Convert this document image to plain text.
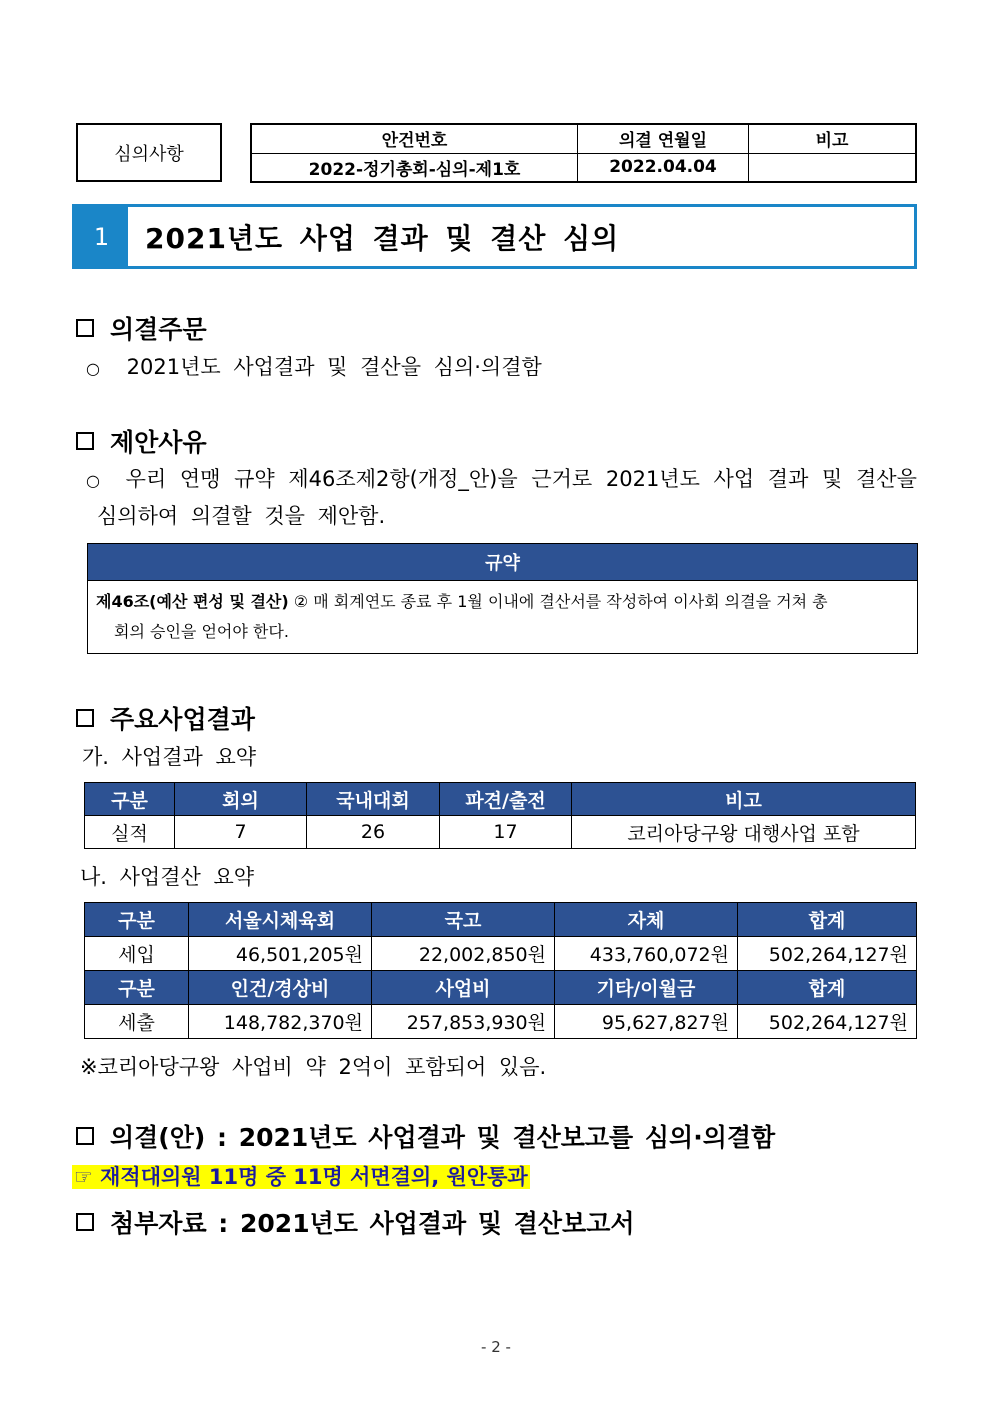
심의사항
안건번호	의결 연월일	비고
2022-정기총회-심의-제1호	2022.04.04	
1	2021년도 사업 결과 및 결산 심의
의결주문
○ 2021년도 사업결과 및 결산을 심의·의결함
제안사유
○ 우리 연맹 규약 제46조제2항(개정_안)을 근거로 2021년도 사업 결과 및 결산을
심의하여 의결할 것을 제안함.
규약

제46조(예산 편성 및 결산) ② 매 회계연도 종료 후 1월 이내에 결산서를 작성하여 이사회 의결을 거쳐 총
회의 승인을 얻어야 한다.
주요사업결과
가. 사업결과 요약
구분	회의	국내대회	파견/출전	비고
실적	7	26	17	코리아당구왕 대행사업 포함
나. 사업결산 요약
구분	서울시체육회	국고	자체	합계
세입	46,501,205원	22,002,850원	433,760,072원	502,264,127원
구분	인건/경상비	사업비	기타/이월금	합계
세출	148,782,370원	257,853,930원	95,627,827원	502,264,127원
※코리아당구왕 사업비 약 2억이 포함되어 있음.
의결(안) : 2021년도 사업결과 및 결산보고를 심의·의결함
☞ 재적대의원 11명 중 11명 서면결의, 원안통과
첨부자료 : 2021년도 사업결과 및 결산보고서
- 2 -
